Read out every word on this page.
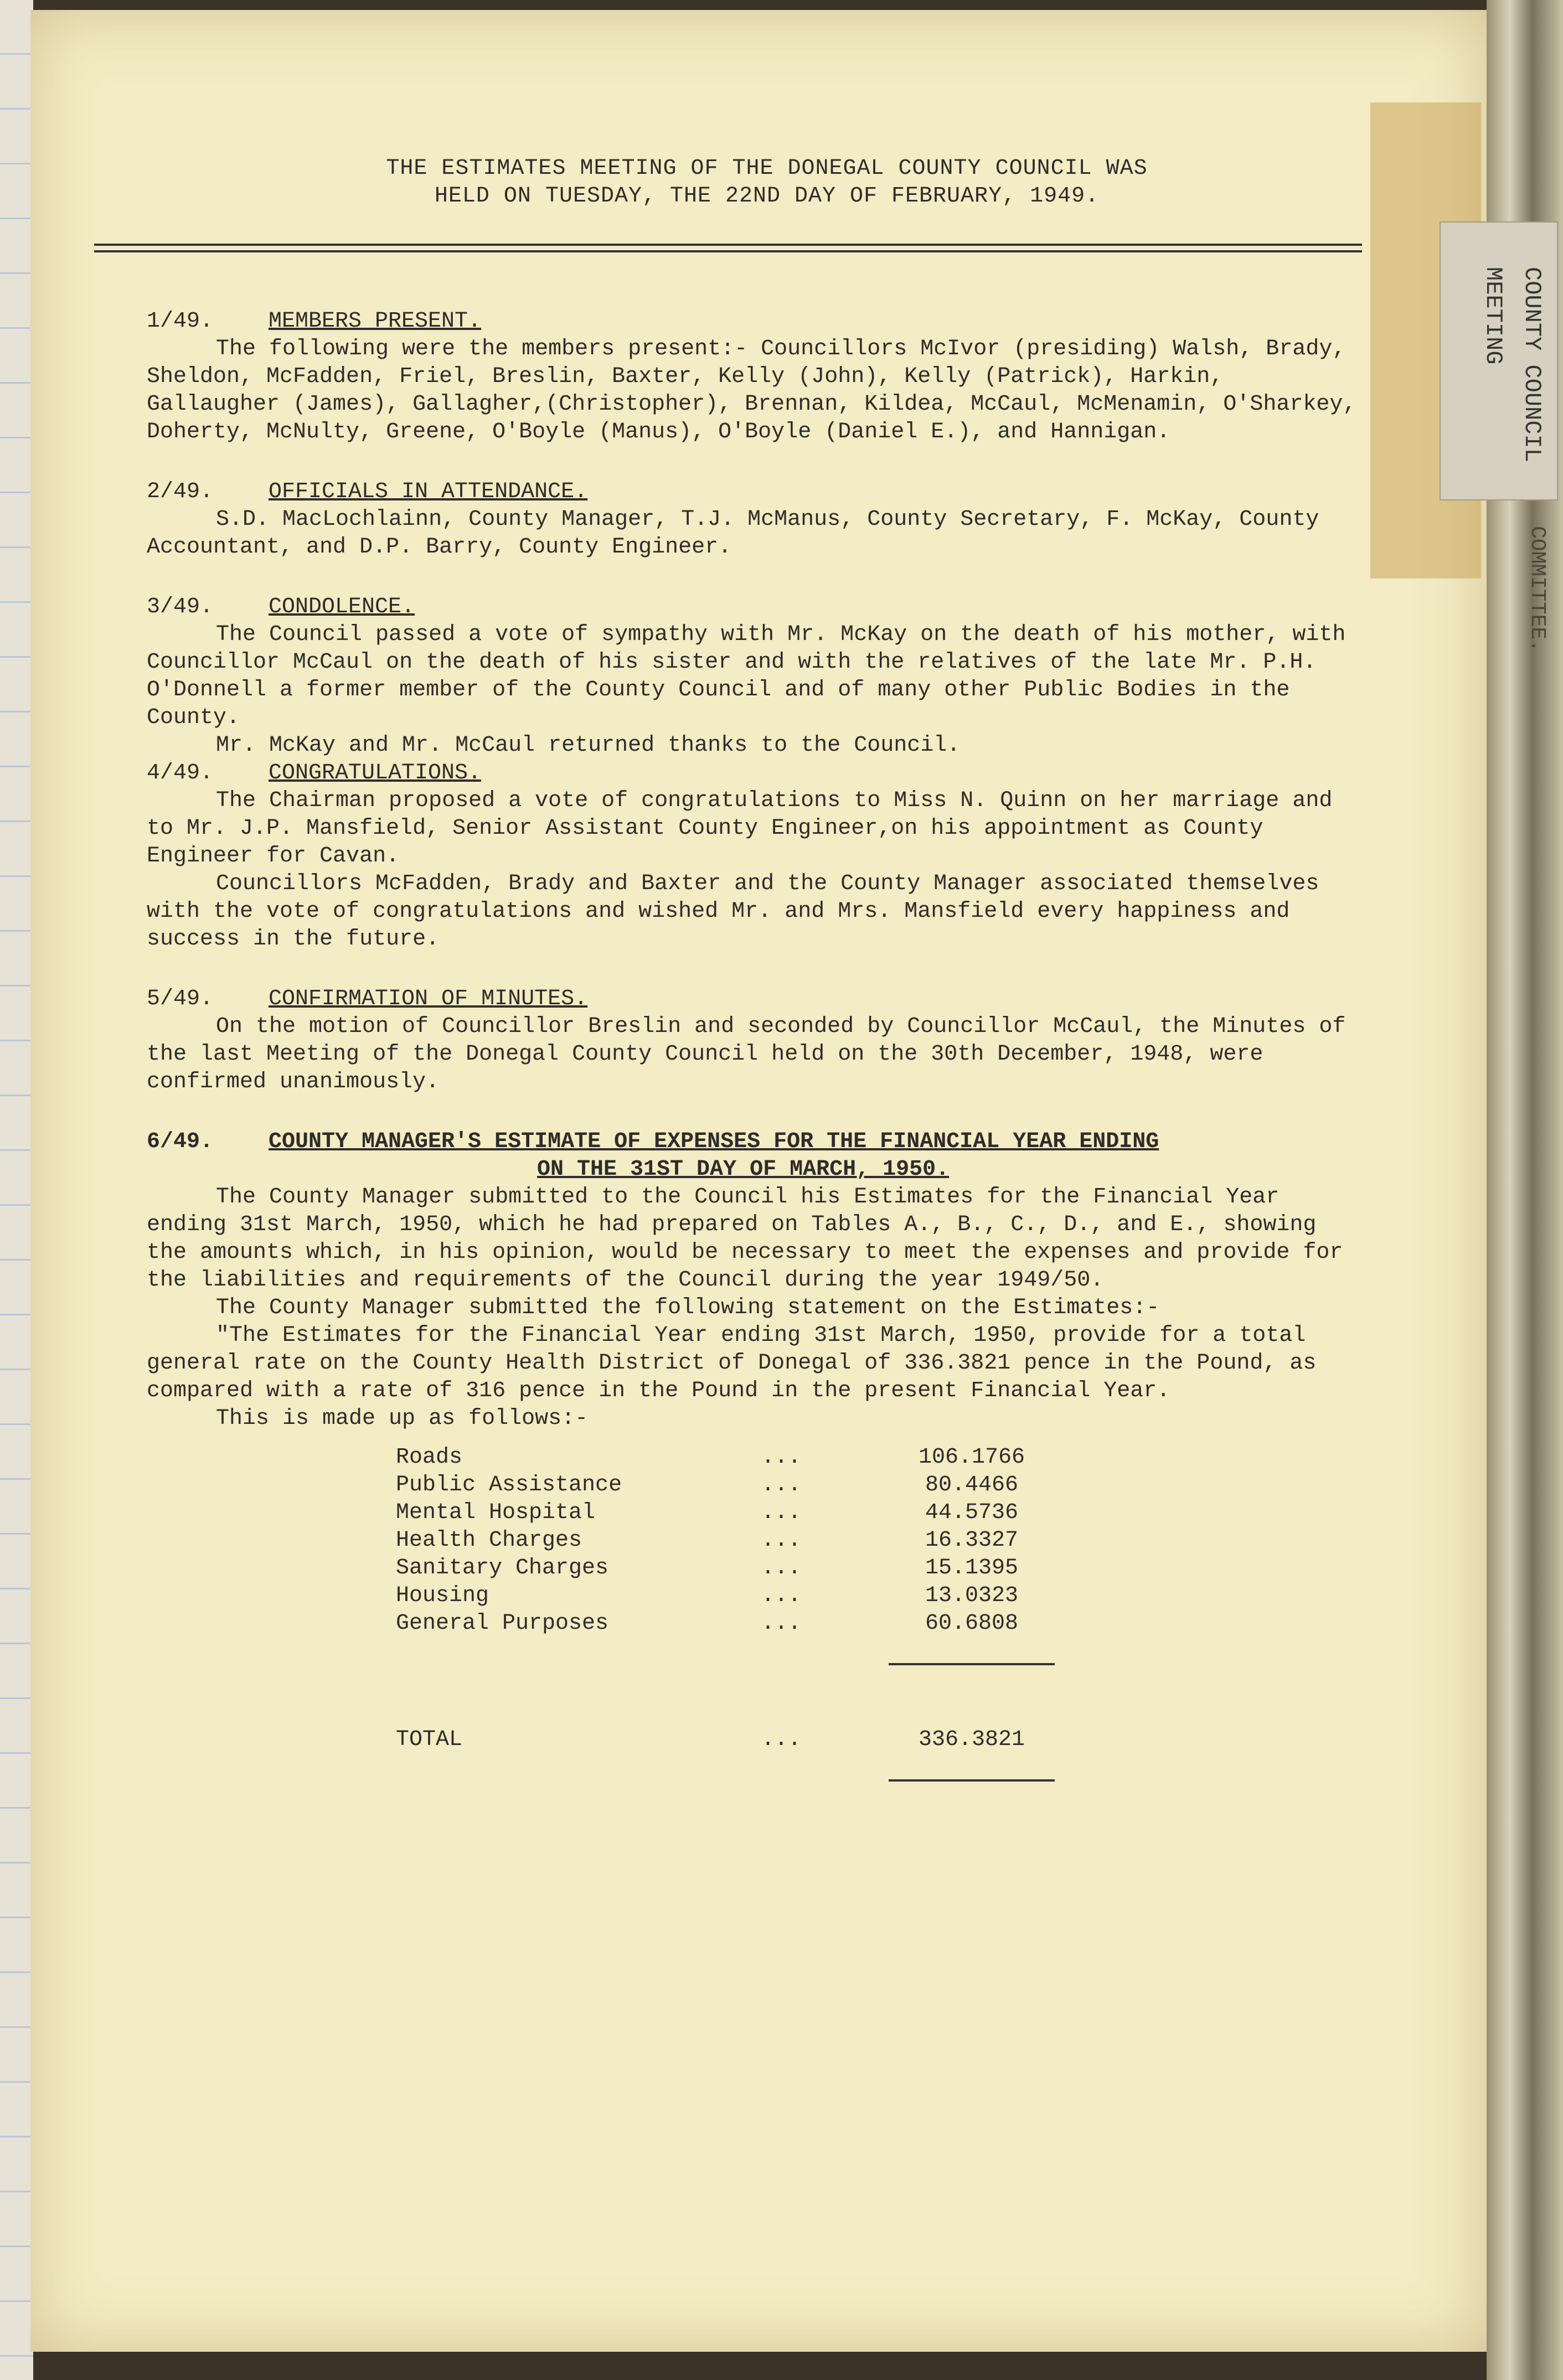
COUNTY COUNCIL MEETING
COMMITTEE.
THE ESTIMATES MEETING OF THE DONEGAL COUNTY COUNCIL WAS
HELD ON TUESDAY, THE 22ND DAY OF FEBRUARY, 1949.
1/49. MEMBERS PRESENT.

The following were the members present:- Councillors McIvor (presiding) Walsh, Brady, Sheldon, McFadden, Friel, Breslin, Baxter, Kelly (John), Kelly (Patrick), Harkin, Gallaugher (James), Gallagher,(Christopher), Brennan, Kildea, McCaul, McMenamin, O'Sharkey, Doherty, McNulty, Greene, O'Boyle (Manus), O'Boyle (Daniel E.), and Hannigan.

2/49. OFFICIALS IN ATTENDANCE.

S.D. MacLochlainn, County Manager, T.J. McManus, County Secretary, F. McKay, County Accountant, and D.P. Barry, County Engineer.

3/49. CONDOLENCE.

The Council passed a vote of sympathy with Mr. McKay on the death of his mother, with Councillor McCaul on the death of his sister and with the relatives of the late Mr. P.H. O'Donnell a former member of the County Council and of many other Public Bodies in the County.

Mr. McKay and Mr. McCaul returned thanks to the Council.

4/49. CONGRATULATIONS.

The Chairman proposed a vote of congratulations to Miss N. Quinn on her marriage and to Mr. J.P. Mansfield, Senior Assistant County Engineer,on his appointment as County Engineer for Cavan.

Councillors McFadden, Brady and Baxter and the County Manager associated themselves with the vote of congratulations and wished Mr. and Mrs. Mansfield every happiness and success in the future.

5/49. CONFIRMATION OF MINUTES.

On the motion of Councillor Breslin and seconded by Councillor McCaul, the Minutes of the last Meeting of the Donegal County Council held on the 30th December, 1948, were confirmed unanimously.

6/49. COUNTY MANAGER'S ESTIMATE OF EXPENSES FOR THE FINANCIAL YEAR ENDING
ON THE 31ST DAY OF MARCH, 1950.

The County Manager submitted to the Council his Estimates for the Financial Year ending 31st March, 1950, which he had prepared on Tables A., B., C., D., and E., showing the amounts which, in his opinion, would be necessary to meet the expenses and provide for the liabilities and requirements of the Council during the year 1949/50.

The County Manager submitted the following statement on the Estimates:-

"The Estimates for the Financial Year ending 31st March, 1950, provide for a total general rate on the County Health District of Donegal of 336.3821 pence in the Pound, as compared with a rate of 316 pence in the Pound in the present Financial Year.

This is made up as follows:-

Roads	...	106.1766
Public Assistance	...	80.4466
Mental Hospital	...	44.5736
Health Charges	...	16.3327
Sanitary Charges	...	15.1395
Housing	...	13.0323
General Purposes	...	60.6808

TOTAL	...	336.3821
